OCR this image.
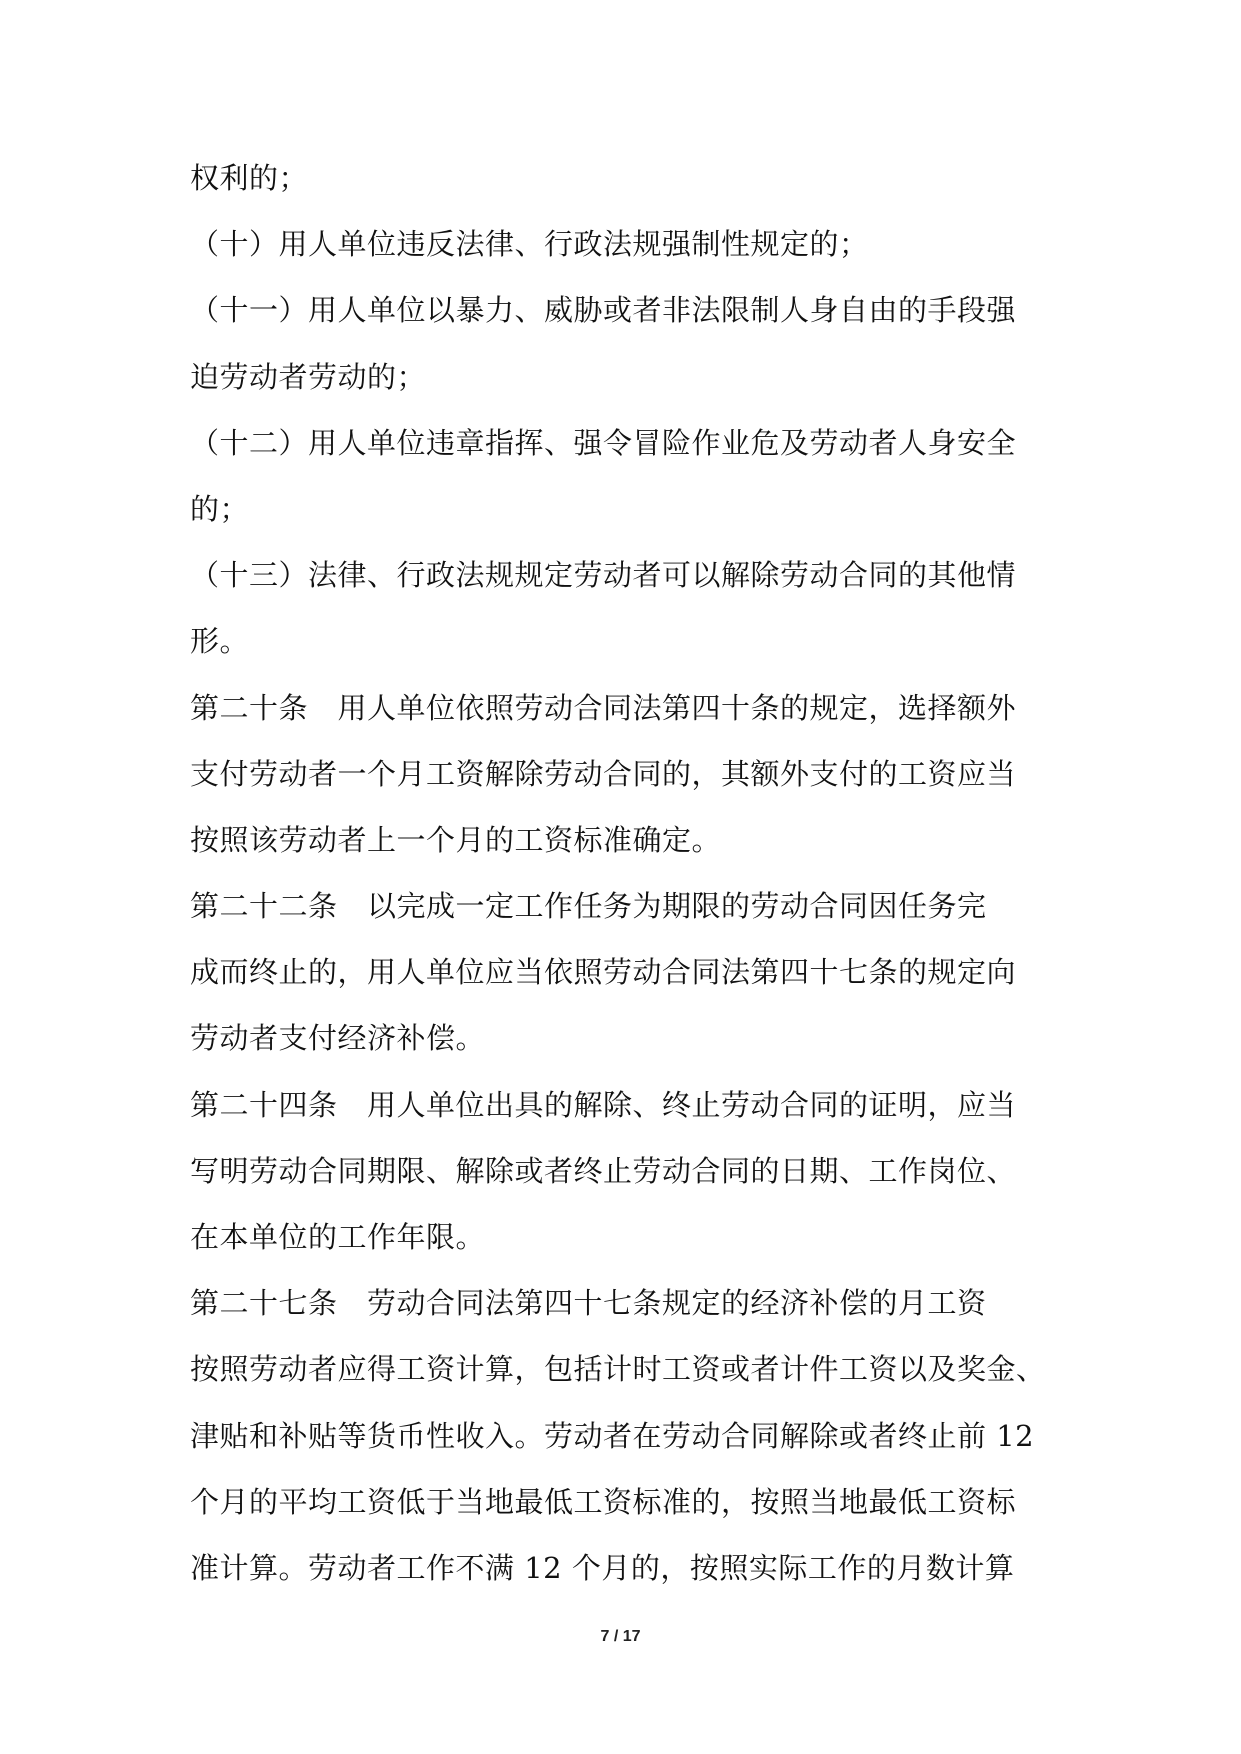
权利的；
（十）用人单位违反法律、行政法规强制性规定的；
（十一）用人单位以暴力、威胁或者非法限制人身自由的手段强
迫劳动者劳动的；
（十二）用人单位违章指挥、强令冒险作业危及劳动者人身安全
的；
（十三）法律、行政法规规定劳动者可以解除劳动合同的其他情
形。
第二十条　用人单位依照劳动合同法第四十条的规定，选择额外
支付劳动者一个月工资解除劳动合同的，其额外支付的工资应当
按照该劳动者上一个月的工资标准确定。
第二十二条　以完成一定工作任务为期限的劳动合同因任务完
成而终止的，用人单位应当依照劳动合同法第四十七条的规定向
劳动者支付经济补偿。
第二十四条　用人单位出具的解除、终止劳动合同的证明，应当
写明劳动合同期限、解除或者终止劳动合同的日期、工作岗位、
在本单位的工作年限。
第二十七条　劳动合同法第四十七条规定的经济补偿的月工资
按照劳动者应得工资计算，包括计时工资或者计件工资以及奖金、
津贴和补贴等货币性收入。劳动者在劳动合同解除或者终止前 12
个月的平均工资低于当地最低工资标准的，按照当地最低工资标
准计算。劳动者工作不满 12 个月的，按照实际工作的月数计算
7 / 17
